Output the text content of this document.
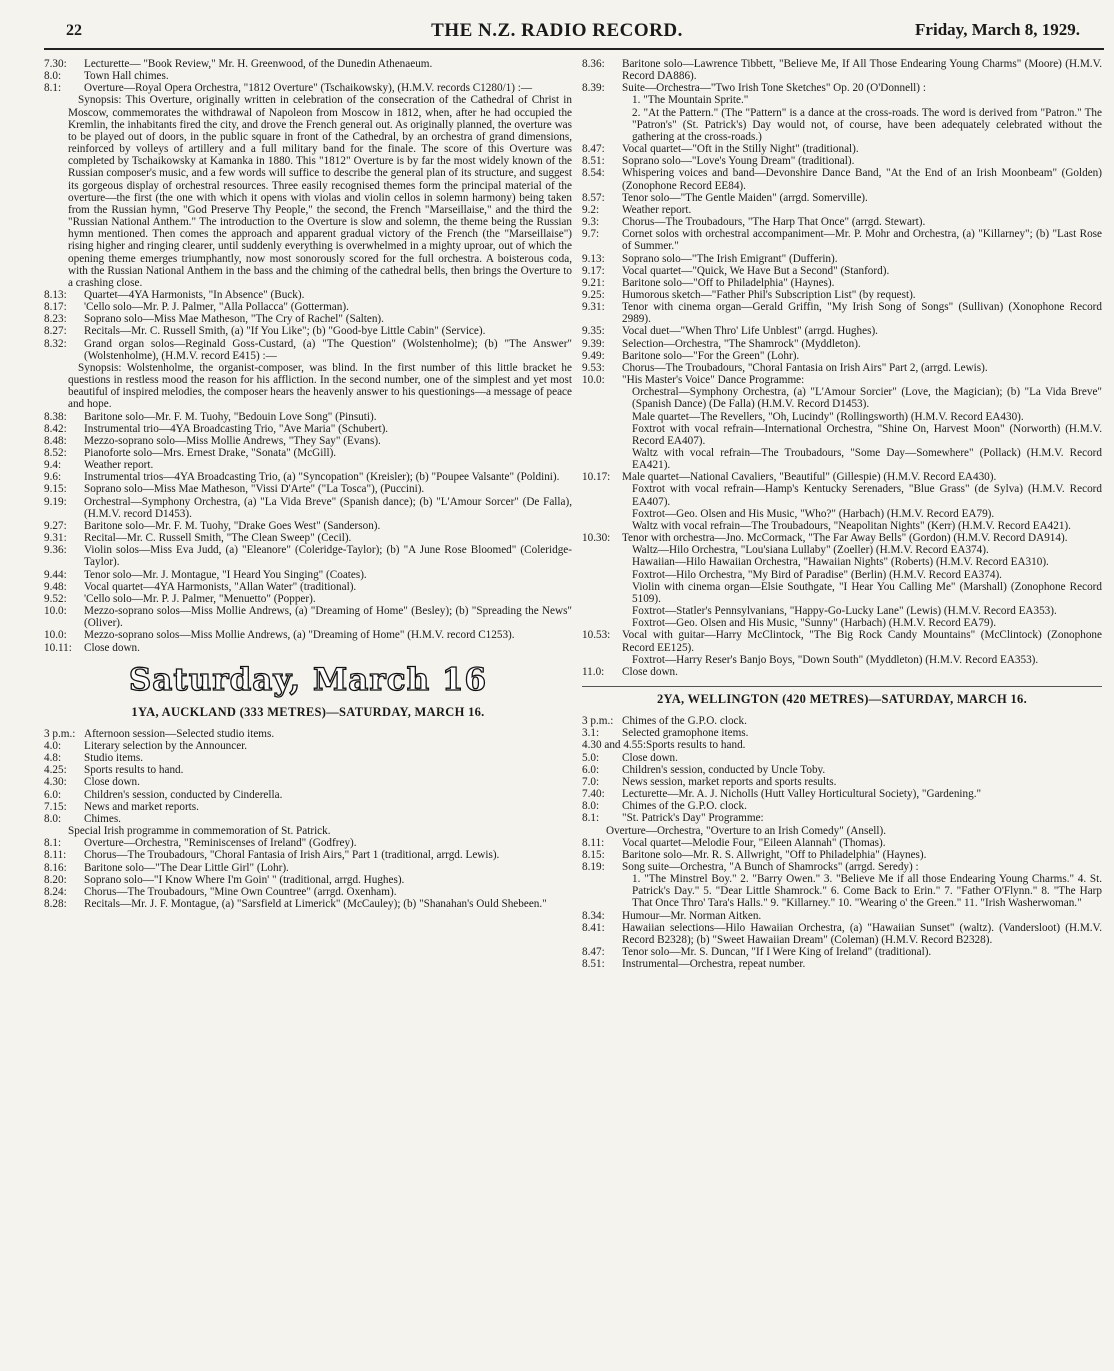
22	THE N.Z. RADIO RECORD.	Friday, March 8, 1929.
7.30:	Lecturette— "Book Review," Mr. H. Greenwood, of the Dunedin Athenaeum.
8.0:	Town Hall chimes.
8.1:	Overture—Royal Opera Orchestra, "1812 Overture" (Tschaikowsky), (H.M.V. records C1280/1) :—

Synopsis: This Overture, originally written in celebration of the consecration of the Cathedral of Christ in Moscow, commemorates the withdrawal of Napoleon from Moscow in 1812, when, after he had occupied the Kremlin, the inhabitants fired the city, and drove the French general out. As originally planned, the overture was to be played out of doors, in the public square in front of the Cathedral, by an orchestra of grand dimensions, reinforced by volleys of artillery and a full military band for the finale. The score of this Overture was completed by Tschaikowsky at Kamanka in 1880. This "1812" Overture is by far the most widely known of the Russian composer's music, and a few words will suffice to describe the general plan of its structure, and suggest its gorgeous display of orchestral resources. Three easily recognised themes form the principal material of the overture—the first (the one with which it opens with violas and violin cellos in solemn harmony) being taken from the Russian hymn, "God Preserve Thy People," the second, the French "Marseillaise," and the third the "Russian National Anthem." The introduction to the Overture is slow and solemn, the theme being the Russian hymn mentioned. Then comes the approach and apparent gradual victory of the French (the "Marseillaise") rising higher and ringing clearer, until suddenly everything is overwhelmed in a mighty uproar, out of which the opening theme emerges triumphantly, now most sonorously scored for the full orchestra. A boisterous coda, with the Russian National Anthem in the bass and the chiming of the cathedral bells, then brings the Overture to a crashing close.

8.13:	Quartet—4YA Harmonists, "In Absence" (Buck).
8.17:	'Cello solo—Mr. P. J. Palmer, "Alla Pollacca" (Gotterman).
8.23:	Soprano solo—Miss Mae Matheson, "The Cry of Rachel" (Salten).
8.27:	Recitals—Mr. C. Russell Smith, (a) "If You Like"; (b) "Good-bye Little Cabin" (Service).
8.32:	Grand organ solos—Reginald Goss-Custard, (a) "The Question" (Wolstenholme); (b) "The Answer" (Wolstenholme), (H.M.V. record E415) :—

Synopsis: Wolstenholme, the organist-composer, was blind. In the first number of this little bracket he questions in restless mood the reason for his affliction. In the second number, one of the simplest and yet most beautiful of inspired melodies, the composer hears the heavenly answer to his questionings—a message of peace and hope.

8.38:	Baritone solo—Mr. F. M. Tuohy, "Bedouin Love Song" (Pinsuti).
8.42:	Instrumental trio—4YA Broadcasting Trio, "Ave Maria" (Schubert).
8.48:	Mezzo-soprano solo—Miss Mollie Andrews, "They Say" (Evans).
8.52:	Pianoforte solo—Mrs. Ernest Drake, "Sonata" (McGill).
9.4:	Weather report.
9.6:	Instrumental trios—4YA Broadcasting Trio, (a) "Syncopation" (Kreisler); (b) "Poupee Valsante" (Poldini).
9.15:	Soprano solo—Miss Mae Matheson, "Vissi D'Arte" ("La Tosca"), (Puccini).
9.19:	Orchestral—Symphony Orchestra, (a) "La Vida Breve" (Spanish dance); (b) "L'Amour Sorcer" (De Falla), (H.M.V. record D1453).
9.27:	Baritone solo—Mr. F. M. Tuohy, "Drake Goes West" (Sanderson).
9.31:	Recital—Mr. C. Russell Smith, "The Clean Sweep" (Cecil).
9.36:	Violin solos—Miss Eva Judd, (a) "Eleanore" (Coleridge-Taylor); (b) "A June Rose Bloomed" (Coleridge-Taylor).
9.44:	Tenor solo—Mr. J. Montague, "I Heard You Singing" (Coates).
9.48:	Vocal quartet—4YA Harmonists, "Allan Water" (traditional).
9.52:	'Cello solo—Mr. P. J. Palmer, "Menuetto" (Popper).
10.0:	Mezzo-soprano solos—Miss Mollie Andrews, (a) "Dreaming of Home" (Besley); (b) "Spreading the News" (Oliver).
10.0:	Mezzo-soprano solos—Miss Mollie Andrews, (a) "Dreaming of Home" (H.M.V. record C1253).
10.11:	Close down.
Saturday, March 16
1YA, AUCKLAND (333 METRES)—SATURDAY, MARCH 16.
3 p.m.: Afternoon session—Selected studio items.
4.0:	Literary selection by the Announcer.
4.8:	Studio items.
4.25:	Sports results to hand.
4.30:	Close down.
6.0:	Children's session, conducted by Cinderella.
7.15:	News and market reports.
8.0:	Chimes.
Special Irish programme in commemoration of St. Patrick.
8.1:	Overture—Orchestra, "Reminiscenses of Ireland" (Godfrey).
8.11:	Chorus—The Troubadours, "Choral Fantasia of Irish Airs," Part 1 (traditional, arrgd. Lewis).
8.16:	Baritone solo—"The Dear Little Girl" (Lohr).
8.20:	Soprano solo—"I Know Where I'm Goin' " (traditional, arrgd. Hughes).
8.24:	Chorus—The Troubadours, "Mine Own Countree" (arrgd. Oxenham).
8.28:	Recitals—Mr. J. F. Montague, (a) "Sarsfield at Limerick" (McCauley); (b) "Shanahan's Ould Shebeen."
8.36:	Baritone solo—Lawrence Tibbett, "Believe Me, If All Those Endearing Young Charms" (Moore) (H.M.V. Record DA886).
8.39:	Suite—Orchestra—"Two Irish Tone Sketches" Op. 20 (O'Donnell) :
1. "The Mountain Sprite."
2. "At the Pattern." (The "Pattern" is a dance at the cross-roads. The word is derived from "Patron." The "Patron's" (St. Patrick's) Day would not, of course, have been adequately celebrated without the gathering at the cross-roads.)
8.47:	Vocal quartet—"Oft in the Stilly Night" (traditional).
8.51:	Soprano solo—"Love's Young Dream" (traditional).
8.54:	Whispering voices and band—Devonshire Dance Band, "At the End of an Irish Moonbeam" (Golden) (Zonophone Record EE84).
8.57:	Tenor solo—"The Gentle Maiden" (arrgd. Somerville).
9.2:	Weather report.
9.3:	Chorus—The Troubadours, "The Harp That Once" (arrgd. Stewart).
9.7:	Cornet solos with orchestral accompaniment—Mr. P. Mohr and Orchestra, (a) "Killarney"; (b) "Last Rose of Summer."
9.13:	Soprano solo—"The Irish Emigrant" (Dufferin).
9.17:	Vocal quartet—"Quick, We Have But a Second" (Stanford).
9.21:	Baritone solo—"Off to Philadelphia" (Haynes).
9.25:	Humorous sketch—"Father Phil's Subscription List" (by request).
9.31:	Tenor with cinema organ—Gerald Griffin, "My Irish Song of Songs" (Sullivan) (Xonophone Record 2989).
9.35:	Vocal duet—"When Thro' Life Unblest" (arrgd. Hughes).
9.39:	Selection—Orchestra, "The Shamrock" (Myddleton).
9.49:	Baritone solo—"For the Green" (Lohr).
9.53:	Chorus—The Troubadours, "Choral Fantasia on Irish Airs" Part 2, (arrgd. Lewis).
10.0:	"His Master's Voice" Dance Programme:
Orchestral—Symphony Orchestra, (a) "L'Amour Sorcier" (Love, the Magician); (b) "La Vida Breve" (Spanish Dance) (De Falla) (H.M.V. Record D1453).
Male quartet—The Revellers, "Oh, Lucindy" (Rollingsworth) (H.M.V. Record EA430).
Foxtrot with vocal refrain—International Orchestra, "Shine On, Harvest Moon" (Norworth) (H.M.V. Record EA407).
Waltz with vocal refrain—The Troubadours, "Some Day—Somewhere" (Pollack) (H.M.V. Record EA421).
10.17:	Male quartet—National Cavaliers, "Beautiful" (Gillespie) (H.M.V. Record EA430).
Foxtrot with vocal refrain—Hamp's Kentucky Serenaders, "Blue Grass" (de Sylva) (H.M.V. Record EA407).
Foxtrot—Geo. Olsen and His Music, "Who?" (Harbach) (H.M.V. Record EA79).
Waltz with vocal refrain—The Troubadours, "Neapolitan Nights" (Kerr) (H.M.V. Record EA421).
10.30:	Tenor with orchestra—Jno. McCormack, "The Far Away Bells" (Gordon) (H.M.V. Record DA914).
Waltz—Hilo Orchestra, "Lou'siana Lullaby" (Zoeller) (H.M.V. Record EA374).
Hawaiian—Hilo Hawaiian Orchestra, "Hawaiian Nights" (Roberts) (H.M.V. Record EA310).
Foxtrot—Hilo Orchestra, "My Bird of Paradise" (Berlin) (H.M.V. Record EA374).
Violin with cinema organ—Elsie Southgate, "I Hear You Calling Me" (Marshall) (Zonophone Record 5109).
Foxtrot—Statler's Pennsylvanians, "Happy-Go-Lucky Lane" (Lewis) (H.M.V. Record EA353).
Foxtrot—Geo. Olsen and His Music, "Sunny" (Harbach) (H.M.V. Record EA79).
10.53:	Vocal with guitar—Harry McClintock, "The Big Rock Candy Mountains" (McClintock) (Zonophone Record EE125).
Foxtrot—Harry Reser's Banjo Boys, "Down South" (Myddleton) (H.M.V. Record EA353).
11.0:	Close down.
2YA, WELLINGTON (420 METRES)—SATURDAY, MARCH 16.
3 p.m.: Chimes of the G.P.O. clock.
3.1:	Selected gramophone items.
4.30 and 4.55: Sports results to hand.
5.0:	Close down.
6.0:	Children's session, conducted by Uncle Toby.
7.0:	News session, market reports and sports results.
7.40:	Lecturette—Mr. A. J. Nicholls (Hutt Valley Horticultural Society), "Gardening."
8.0:	Chimes of the G.P.O. clock.
8.1:	"St. Patrick's Day" Programme:
Overture—Orchestra, "Overture to an Irish Comedy" (Ansell).
8.11:	Vocal quartet—Melodie Four, "Eileen Alannah" (Thomas).
8.15:	Baritone solo—Mr. R. S. Allwright, "Off to Philadelphia" (Haynes).
8.19:	Song suite—Orchestra, "A Bunch of Shamrocks" (arrgd. Seredy) :
1. "The Minstrel Boy." 2. "Barry Owen." 3. "Believe Me if all those Endearing Young Charms." 4. St. Patrick's Day." 5. "Dear Little Shamrock." 6. Come Back to Erin." 7. "Father O'Flynn." 8. "The Harp That Once Thro' Tara's Halls." 9. "Killarney." 10. "Wearing o' the Green." 11. "Irish Washerwoman."
8.34:	Humour—Mr. Norman Aitken.
8.41:	Hawaiian selections—Hilo Hawaiian Orchestra, (a) "Hawaiian Sunset" (waltz). (Vandersloot) (H.M.V. Record B2328); (b) "Sweet Hawaiian Dream" (Coleman) (H.M.V. Record B2328).
8.47:	Tenor solo—Mr. S. Duncan, "If I Were King of Ireland" (traditional).
8.51:	Instrumental—Orchestra, repeat number.
